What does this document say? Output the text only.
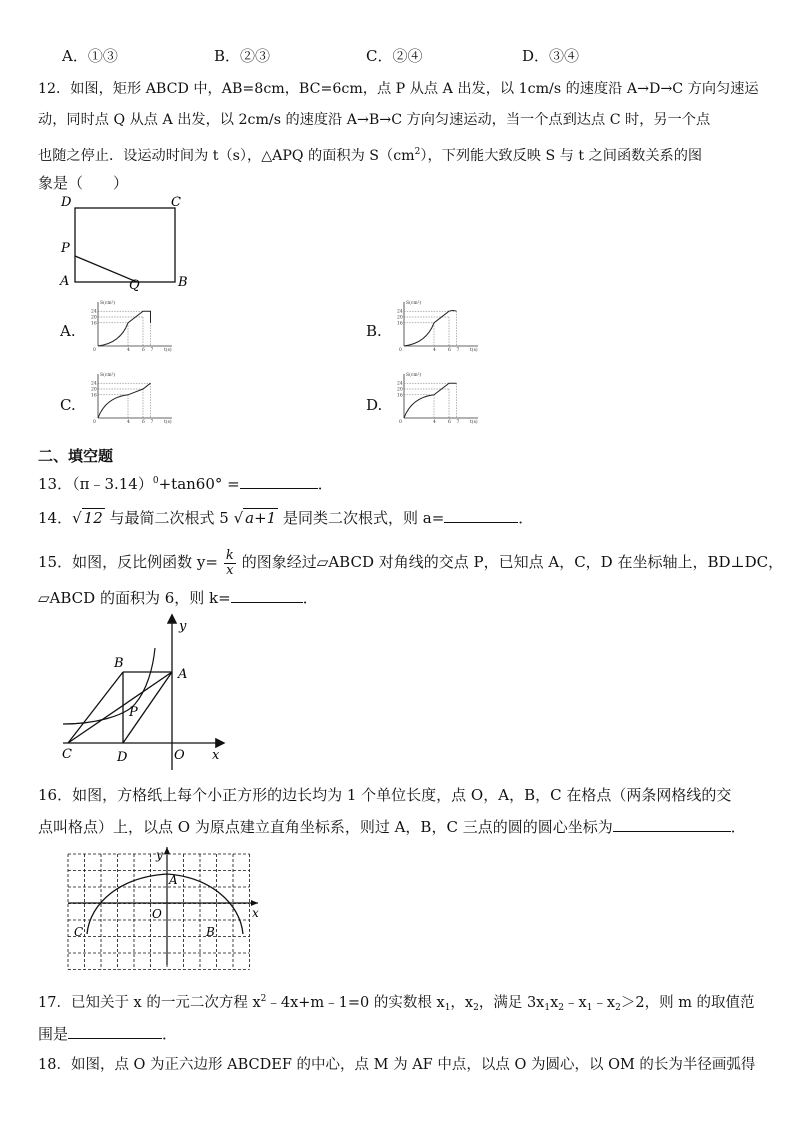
A．①③	B．②③	C．②④	D．③④
12．如图，矩形 ABCD 中，AB=8cm，BC=6cm，点 P 从点 A 出发，以 1cm/s 的速度沿 A→D→C 方向匀速运
动，同时点 Q 从点 A 出发，以 2cm/s 的速度沿 A→B→C 方向匀速运动，当一个点到达点 C 时，另一个点
也随之停止．设运动时间为 t（s），△APQ 的面积为 $S(cm^2)$，下列能大致反映 S 与 t 之间函数关系的图
象是（　　）
D	C
P
A	Q	B
A.	B.
C.	D.
S(cm²)
t(s)
0	4	6 7
24
20
16
S(cm²)
t(s)
0	4	6 7
24
20
16
S(cm²)
t(s)
0	4	6 7
24
20
16
S(cm²)
t(s)
0	4	6 7
24
20
16
二、填空题
13．（π﹣3.14）$^0$+tan60° =	．
14．√ 12 与最简二次根式 5 √ a+1 是同类二次根式，则 a=	．
15．如图，反比例函数 $y= \frac{k}{x}$ 的图象经过▱ABCD 对角线的交点 P，已知点 A，C，D 在坐标轴上，BD⊥DC，
▱ABCD 的面积为 6，则 k=	．
y
x
A
B
C	D	O
P
16．如图，方格纸上每个小正方形的边长均为 1 个单位长度，点 O，A，B，C 在格点（两条网格线的交
点叫格点）上，以点 O 为原点建立直角坐标系，则过 A，B，C 三点的圆的圆心坐标为	．
y
x
A
O
B
C
17．已知关于 x 的一元二次方程 $x^2﹣4x+m﹣1=0$ 的实数根 $x_1$，$x_2$，满足 $3x_1x_2﹣x_1﹣x_2>2$，则 m 的取值范
围是	．
18．如图，点 O 为正六边形 ABCDEF 的中心，点 M 为 AF 中点，以点 O 为圆心，以 OM 的长为半径画弧得
